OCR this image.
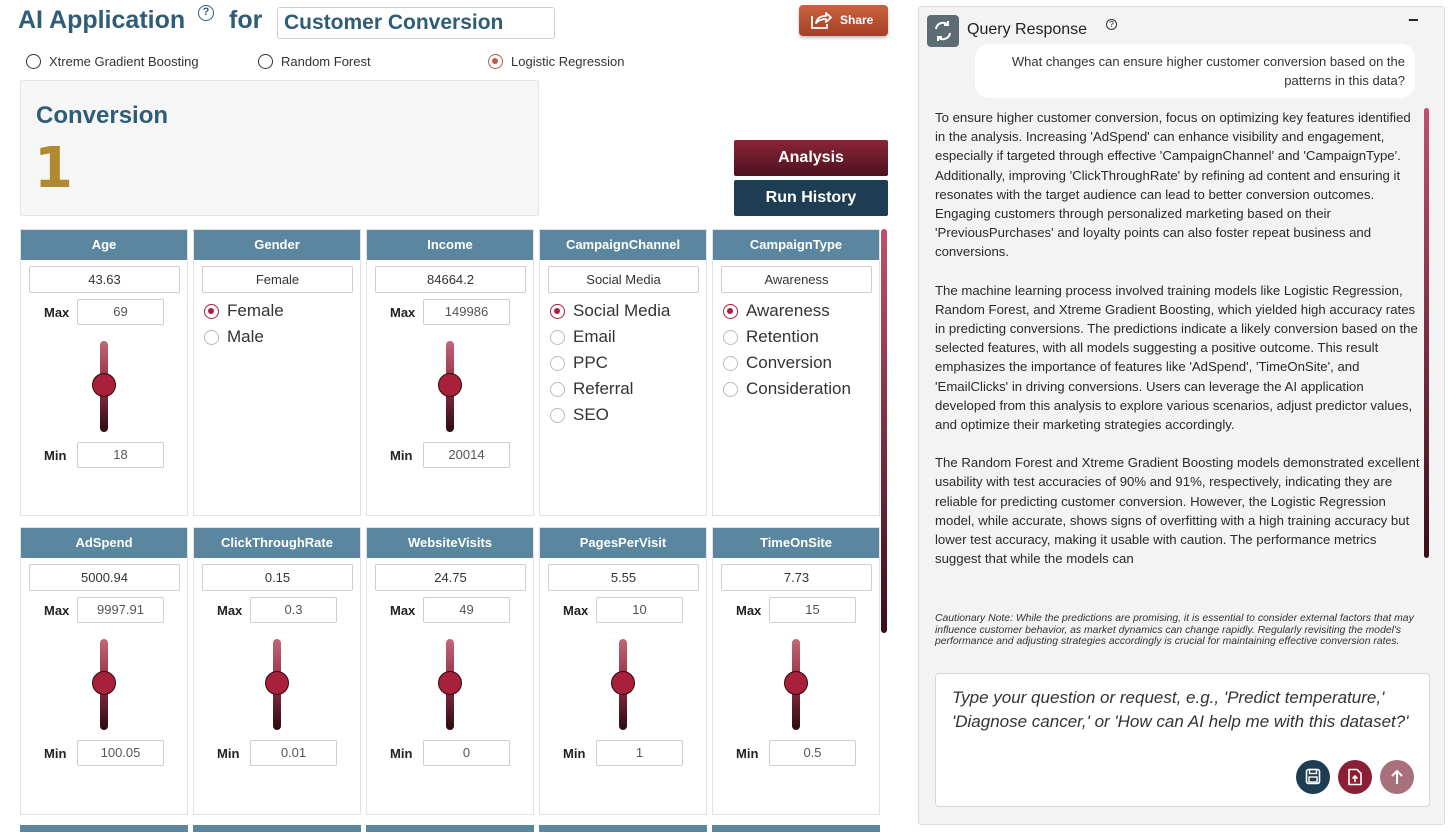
AI Application	? for	Customer Conversion	Share
Xtreme Gradient Boosting	Random Forest	Logistic Regression
Conversion
1	Analysis
Run History
Age
43.63
Max	69
Min	18
Gender
Female
Female
Male
Income
84664.2
Max	149986
Min	20014
CampaignChannel
Social Media
Social Media
Email
PPC
Referral
SEO
CampaignType
Awareness
Awareness
Retention
Conversion
Consideration
AdSpend
5000.94
Max	9997.91
Min	100.05
ClickThroughRate
0.15
Max	0.3
Min	0.01
WebsiteVisits
24.75
Max	49
Min	0
PagesPerVisit
5.55
Max	10
Min	1
TimeOnSite
7.73
Max	15
Min	0.5
Query Response	?	−
What changes can ensure higher customer conversion based on the patterns in this data?

To ensure higher customer conversion, focus on optimizing key features identified in the analysis. Increasing 'AdSpend' can enhance visibility and engagement, especially if targeted through effective 'CampaignChannel' and 'CampaignType'. Additionally, improving 'ClickThroughRate' by refining ad content and ensuring it resonates with the target audience can lead to better conversion outcomes. Engaging customers through personalized marketing based on their 'PreviousPurchases' and loyalty points can also foster repeat business and conversions.

The machine learning process involved training models like Logistic Regression, Random Forest, and Xtreme Gradient Boosting, which yielded high accuracy rates in predicting conversions. The predictions indicate a likely conversion based on the selected features, with all models suggesting a positive outcome. This result emphasizes the importance of features like 'AdSpend', 'TimeOnSite', and 'EmailClicks' in driving conversions. Users can leverage the AI application developed from this analysis to explore various scenarios, adjust predictor values, and optimize their marketing strategies accordingly.

The Random Forest and Xtreme Gradient Boosting models demonstrated excellent usability with test accuracies of 90% and 91%, respectively, indicating they are reliable for predicting customer conversion. However, the Logistic Regression model, while accurate, shows signs of overfitting with a high training accuracy but lower test accuracy, making it usable with caution. The performance metrics suggest that while the models can

Cautionary Note: While the predictions are promising, it is essential to consider external factors that may influence customer behavior, as market dynamics can change rapidly. Regularly revisiting the model's performance and adjusting strategies accordingly is crucial for maintaining effective conversion rates.
Type your question or request, e.g., 'Predict temperature,' 'Diagnose cancer,' or 'How can AI help me with this dataset?'
